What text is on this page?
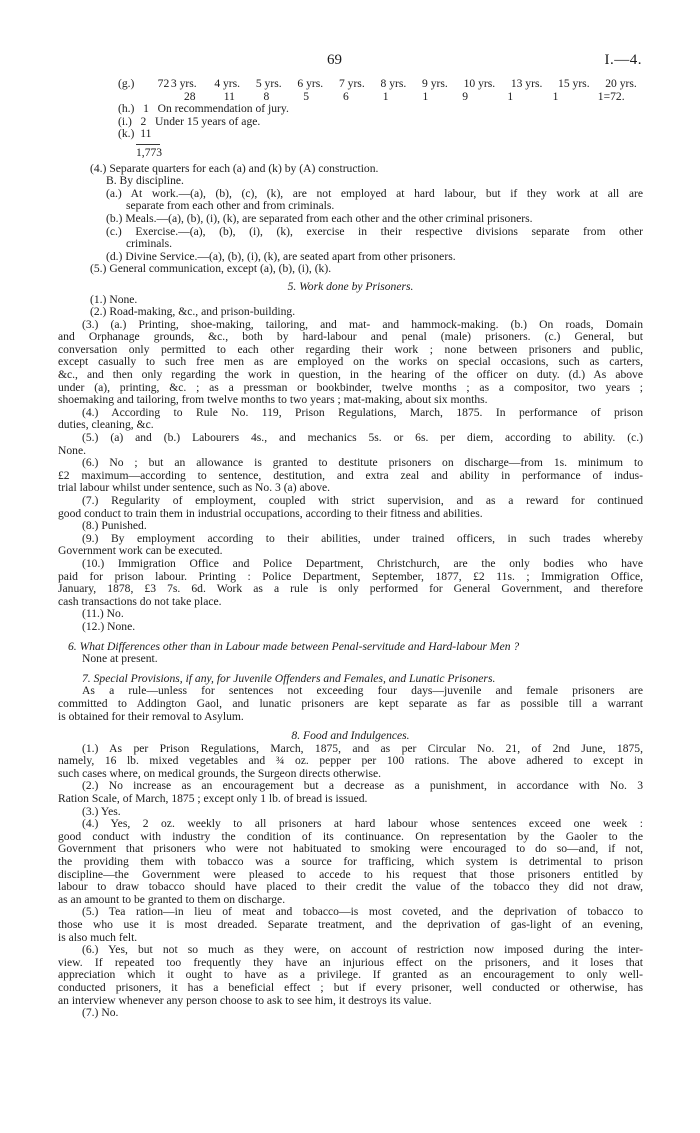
69	I.—4.
(g.)	72 3 yrs.	4 yrs.	5 yrs.	6 yrs.	7 yrs.	8 yrs.	9 yrs.	10 yrs.	13 yrs.	15 yrs.	20 yrs.
28	11	8	5	6	1	1	9	1	1	1=72.
(h.)   1   On recommendation of jury.
(i.)   2   Under 15 years of age.
(k.)  11
1,773
(4.) Separate quarters for each (a) and (k) by (A) construction.
B. By discipline.
(a.) At work.—(a), (b), (c), (k), are not employed at hard labour, but if they work at all are
separate from each other and from criminals.
(b.) Meals.—(a), (b), (i), (k), are separated from each other and the other criminal prisoners.
(c.) Exercise.—(a), (b), (i), (k), exercise in their respective divisions separate from other
criminals.
(d.) Divine Service.—(a), (b), (i), (k), are seated apart from other prisoners.
(5.) General communication, except (a), (b), (i), (k).
5. Work done by Prisoners.
(1.) None.
(2.) Road-making, &c., and prison-building.
(3.) (a.) Printing, shoe-making, tailoring, and mat- and hammock-making. (b.) On roads, Domain
and Orphanage grounds, &c., both by hard-labour and penal (male) prisoners. (c.) General, but
conversation only permitted to each other regarding their work ; none between prisoners and public,
except casually to such free men as are employed on the works on special occasions, such as carters,
&c., and then only regarding the work in question, in the hearing of the officer on duty. (d.) As above
under (a), printing, &c. ; as a pressman or bookbinder, twelve months ; as a compositor, two years ;
shoemaking and tailoring, from twelve months to two years ; mat-making, about six months.
(4.) According to Rule No. 119, Prison Regulations, March, 1875. In performance of prison
duties, cleaning, &c.
(5.) (a) and (b.) Labourers 4s., and mechanics 5s. or 6s. per diem, according to ability. (c.)
None.
(6.) No ; but an allowance is granted to destitute prisoners on discharge—from 1s. minimum to
£2 maximum—according to sentence, destitution, and extra zeal and ability in performance of indus-
trial labour whilst under sentence, such as No. 3 (a) above.
(7.) Regularity of employment, coupled with strict supervision, and as a reward for continued
good conduct to train them in industrial occupations, according to their fitness and abilities.
(8.) Punished.
(9.) By employment according to their abilities, under trained officers, in such trades whereby
Government work can be executed.
(10.) Immigration Office and Police Department, Christchurch, are the only bodies who have
paid for prison labour. Printing : Police Department, September, 1877, £2 11s. ; Immigration Office,
January, 1878, £3 7s. 6d. Work as a rule is only performed for General Government, and therefore
cash transactions do not take place.
(11.) No.
(12.) None.
6. What Differences other than in Labour made between Penal-servitude and Hard-labour Men ?
None at present.
7. Special Provisions, if any, for Juvenile Offenders and Females, and Lunatic Prisoners.
As a rule—unless for sentences not exceeding four days—juvenile and female prisoners are
committed to Addington Gaol, and lunatic prisoners are kept separate as far as possible till a warrant
is obtained for their removal to Asylum.
8. Food and Indulgences.
(1.) As per Prison Regulations, March, 1875, and as per Circular No. 21, of 2nd June, 1875,
namely, 16 lb. mixed vegetables and ¾ oz. pepper per 100 rations. The above adhered to except in
such cases where, on medical grounds, the Surgeon directs otherwise.
(2.) No increase as an encouragement but a decrease as a punishment, in accordance with No. 3
Ration Scale, of March, 1875 ; except only 1 lb. of bread is issued.
(3.) Yes.
(4.) Yes, 2 oz. weekly to all prisoners at hard labour whose sentences exceed one week :
good conduct with industry the condition of its continuance. On representation by the Gaoler to the
Government that prisoners who were not habituated to smoking were encouraged to do so—and, if not,
the providing them with tobacco was a source for trafficing, which system is detrimental to prison
discipline—the Government were pleased to accede to his request that those prisoners entitled by
labour to draw tobacco should have placed to their credit the value of the tobacco they did not draw,
as an amount to be granted to them on discharge.
(5.) Tea ration—in lieu of meat and tobacco—is most coveted, and the deprivation of tobacco to
those who use it is most dreaded. Separate treatment, and the deprivation of gas-light of an evening,
is also much felt.
(6.) Yes, but not so much as they were, on account of restriction now imposed during the inter-
view. If repeated too frequently they have an injurious effect on the prisoners, and it loses that
appreciation which it ought to have as a privilege. If granted as an encouragement to only well-
conducted prisoners, it has a beneficial effect ; but if every prisoner, well conducted or otherwise, has
an interview whenever any person choose to ask to see him, it destroys its value.
(7.) No.
